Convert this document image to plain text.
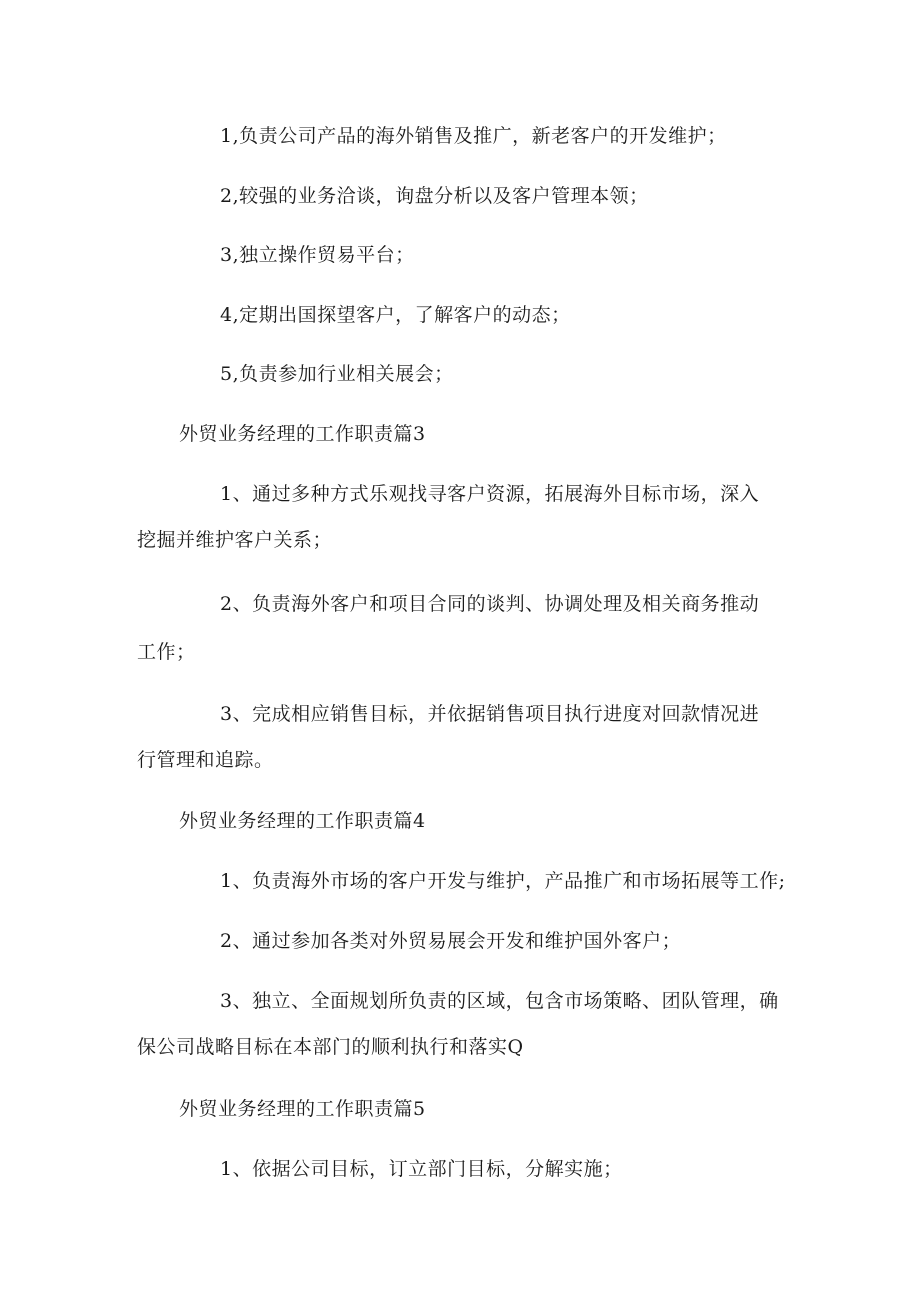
1,负责公司产品的海外销售及推广，新老客户的开发维护；
2,较强的业务洽谈，询盘分析以及客户管理本领；
3,独立操作贸易平台；
4,定期出国探望客户，了解客户的动态；
5,负责参加行业相关展会；
外贸业务经理的工作职责篇3
1、通过多种方式乐观找寻客户资源，拓展海外目标市场，深入
挖掘并维护客户关系；
2、负责海外客户和项目合同的谈判、协调处理及相关商务推动
工作；
3、完成相应销售目标，并依据销售项目执行进度对回款情况进
行管理和追踪。
外贸业务经理的工作职责篇4
1、负责海外市场的客户开发与维护，产品推广和市场拓展等工作;
2、通过参加各类对外贸易展会开发和维护国外客户；
3、独立、全面规划所负责的区域，包含市场策略、团队管理，确
保公司战略目标在本部门的顺利执行和落实Q
外贸业务经理的工作职责篇5
1、依据公司目标，订立部门目标，分解实施；
